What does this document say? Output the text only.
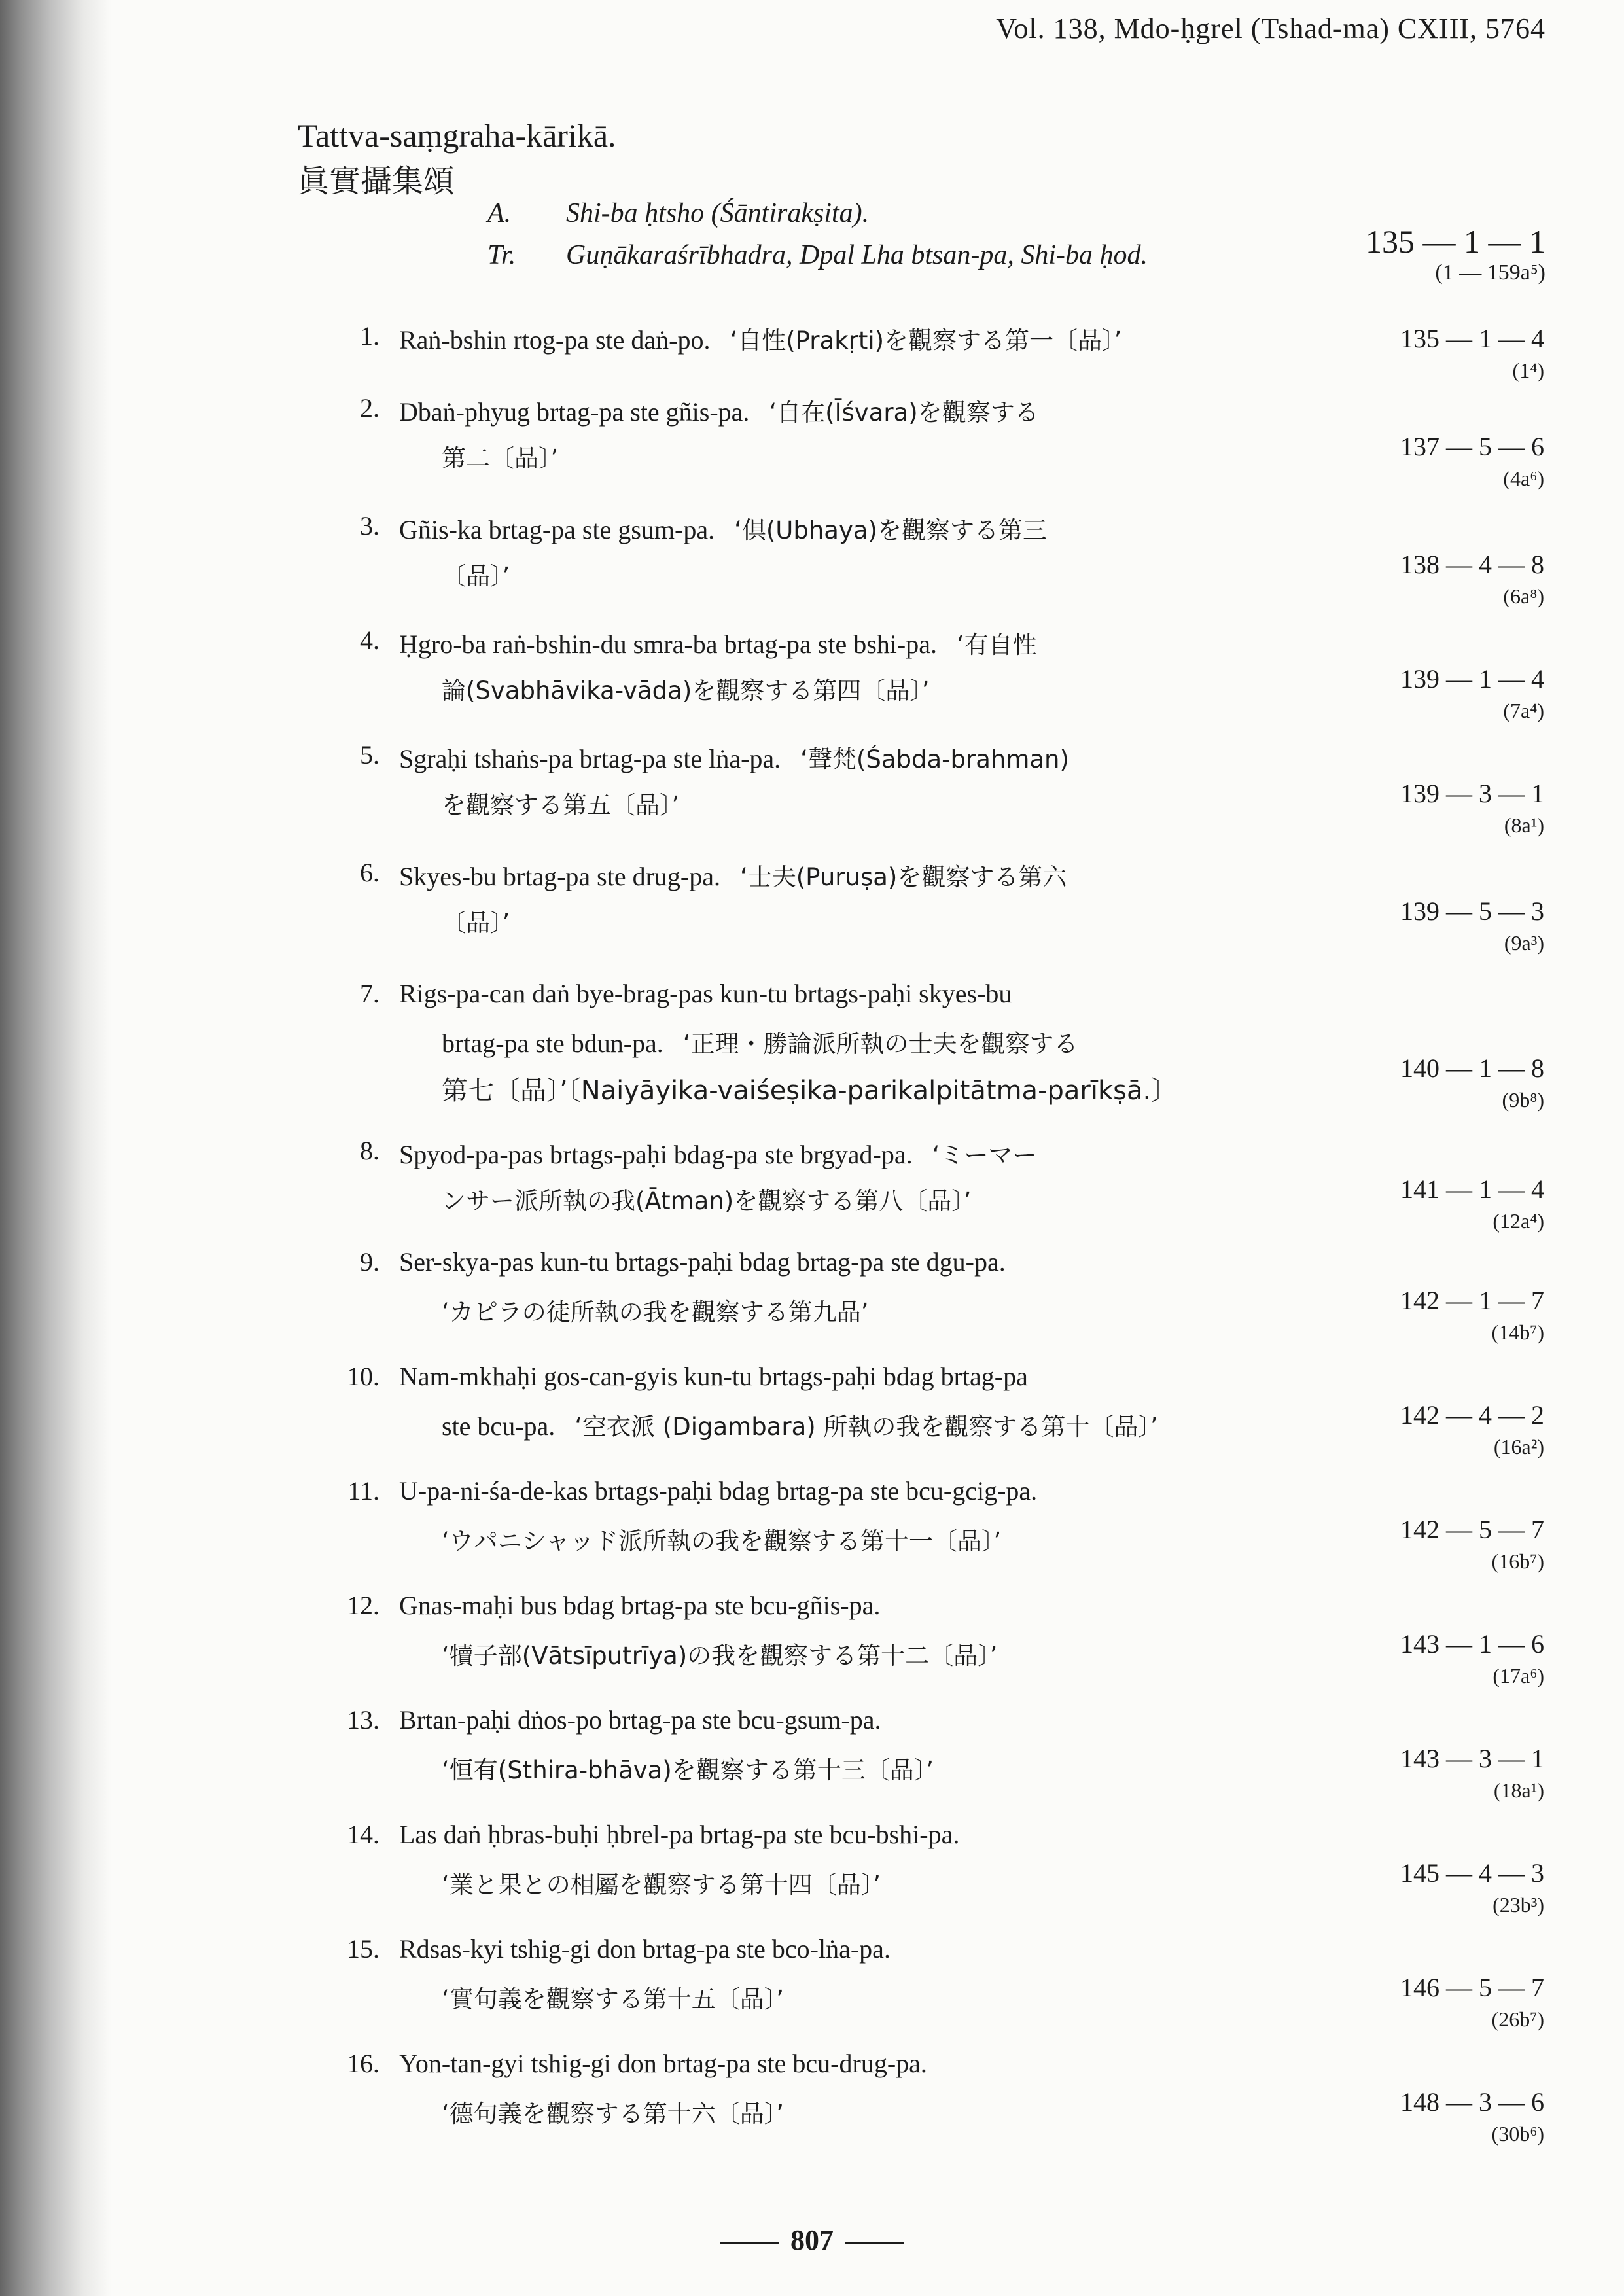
Vol. 138, Mdo-ḥgrel (Tshad-ma) CXIII, 5764
Tattva-saṃgraha-kārikā.
眞實攝集頌
A. Shi-ba ḥtsho (Śāntirakṣita).
Tr. Guṇākaraśrībhadra, Dpal Lha btsan-pa, Shi-ba ḥod.	135 — 1 — 1
(1 — 159a⁵)
1. Raṅ-bshin rtog-pa ste daṅ-po. ‘自性(Prakṛti)を觀察する第一〔品〕’	135 — 1 — 4
(1⁴)
2. Dbaṅ-phyug brtag-pa ste gñis-pa. ‘自在(Īśvara)を觀察する
第二〔品〕’	137 — 5 — 6
(4a⁶)
3. Gñis-ka brtag-pa ste gsum-pa. ‘倶(Ubhaya)を觀察する第三
〔品〕’	138 — 4 — 8
(6a⁸)
4. Ḥgro-ba raṅ-bshin-du smra-ba brtag-pa ste bshi-pa. ‘有自性
論(Svabhāvika-vāda)を觀察する第四〔品〕’	139 — 1 — 4
(7a⁴)
5. Sgraḥi tshaṅs-pa brtag-pa ste lṅa-pa. ‘聲梵(Śabda-brahman)
を觀察する第五〔品〕’	139 — 3 — 1
(8a¹)
6. Skyes-bu brtag-pa ste drug-pa. ‘士夫(Puruṣa)を觀察する第六
〔品〕’	139 — 5 — 3
(9a³)
7. Rigs-pa-can daṅ bye-brag-pas kun-tu brtags-paḥi skyes-bu
brtag-pa ste bdun-pa. ‘正理・勝論派所執の士夫を觀察する
第七〔品〕’〔Naiyāyika-vaiśeṣika-parikalpitātma-parīkṣā.〕
140 — 1 — 8
(9b⁸)
8. Spyod-pa-pas brtags-paḥi bdag-pa ste brgyad-pa. ‘ミーマー
ンサー派所執の我(Ātman)を觀察する第八〔品〕’	141 — 1 — 4
(12a⁴)
9. Ser-skya-pas kun-tu brtags-paḥi bdag brtag-pa ste dgu-pa.
‘カピラの徒所執の我を觀察する第九品’	142 — 1 — 7
(14b⁷)
10. Nam-mkhaḥi gos-can-gyis kun-tu brtags-paḥi bdag brtag-pa
ste bcu-pa. ‘空衣派 (Digambara) 所執の我を觀察する第十〔品〕’	142 — 4 — 2
(16a²)
11. U-pa-ni-śa-de-kas brtags-paḥi bdag brtag-pa ste bcu-gcig-pa.
‘ウパニシャッド派所執の我を觀察する第十一〔品〕’	142 — 5 — 7
(16b⁷)
12. Gnas-maḥi bus bdag brtag-pa ste bcu-gñis-pa.
‘犢子部(Vātsīputrīya)の我を觀察する第十二〔品〕’	143 — 1 — 6
(17a⁶)
13. Brtan-paḥi dṅos-po brtag-pa ste bcu-gsum-pa.
‘恒有(Sthira-bhāva)を觀察する第十三〔品〕’	143 — 3 — 1
(18a¹)
14. Las daṅ ḥbras-buḥi ḥbrel-pa brtag-pa ste bcu-bshi-pa.
‘業と果との相屬を觀察する第十四〔品〕’	145 — 4 — 3
(23b³)
15. Rdsas-kyi tshig-gi don brtag-pa ste bco-lṅa-pa.
‘實句義を觀察する第十五〔品〕’	146 — 5 — 7
(26b⁷)
16. Yon-tan-gyi tshig-gi don brtag-pa ste bcu-drug-pa.
‘德句義を觀察する第十六〔品〕’	148 — 3 — 6
(30b⁶)
807
